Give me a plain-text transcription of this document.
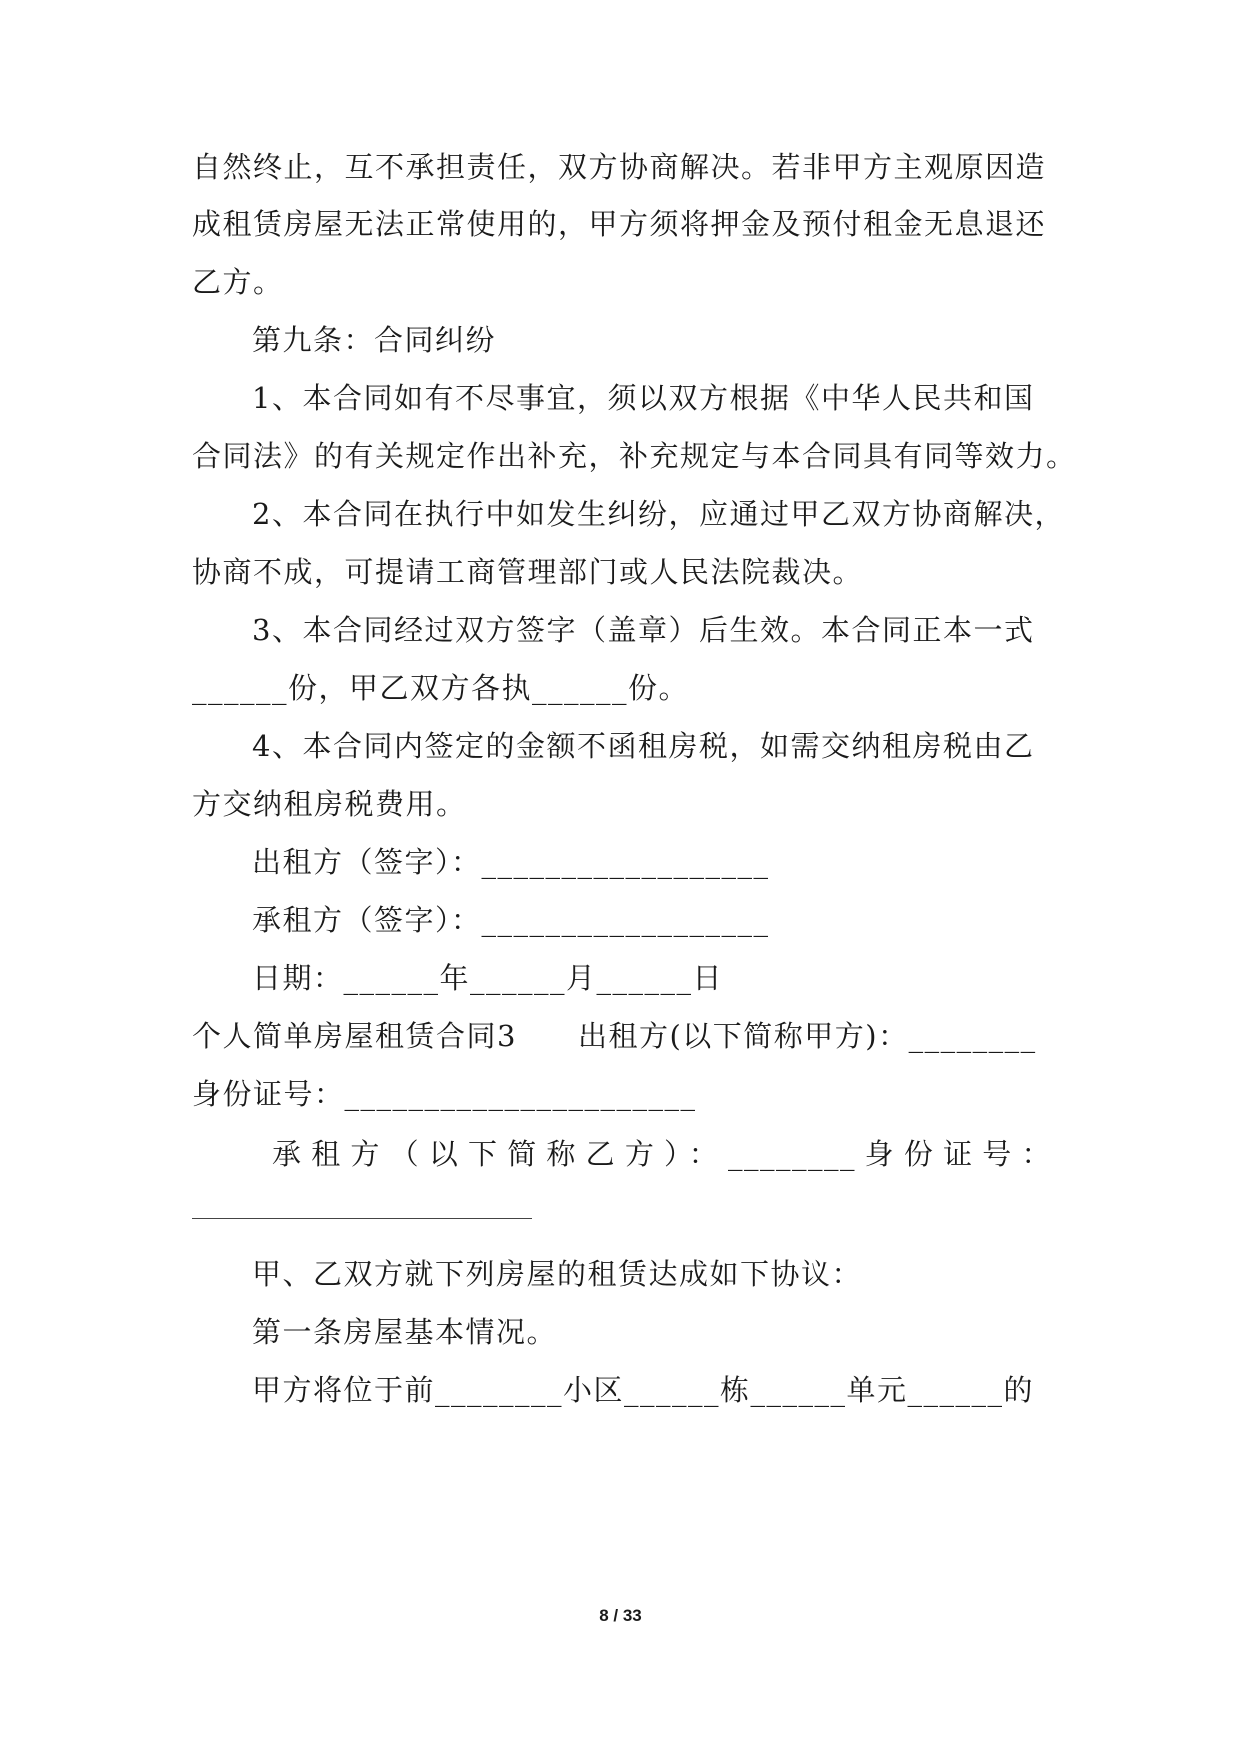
自然终止，互不承担责任，双方协商解决。若非甲方主观原因造
成租赁房屋无法正常使用的，甲方须将押金及预付租金无息退还
乙方。
第九条：合同纠纷
1、本合同如有不尽事宜，须以双方根据《中华人民共和国
合同法》的有关规定作出补充，补充规定与本合同具有同等效力。
2、本合同在执行中如发生纠纷，应通过甲乙双方协商解决，
协商不成，可提请工商管理部门或人民法院裁决。
3、本合同经过双方签字（盖章）后生效。本合同正本一式
______份，甲乙双方各执______份。
4、本合同内签定的金额不函租房税，如需交纳租房税由乙
方交纳租房税费用。
出租方（签字）：__________________
承租方（签字）：__________________
日期：______年______月______日
个人简单房屋租赁合同3　　出租方(以下简称甲方)：________
身份证号：______________________
承租方（以下简称乙方）：________身份证号：
甲、乙双方就下列房屋的租赁达成如下协议：
第一条房屋基本情况。
甲方将位于前________小区______栋______单元______的
8 / 33
